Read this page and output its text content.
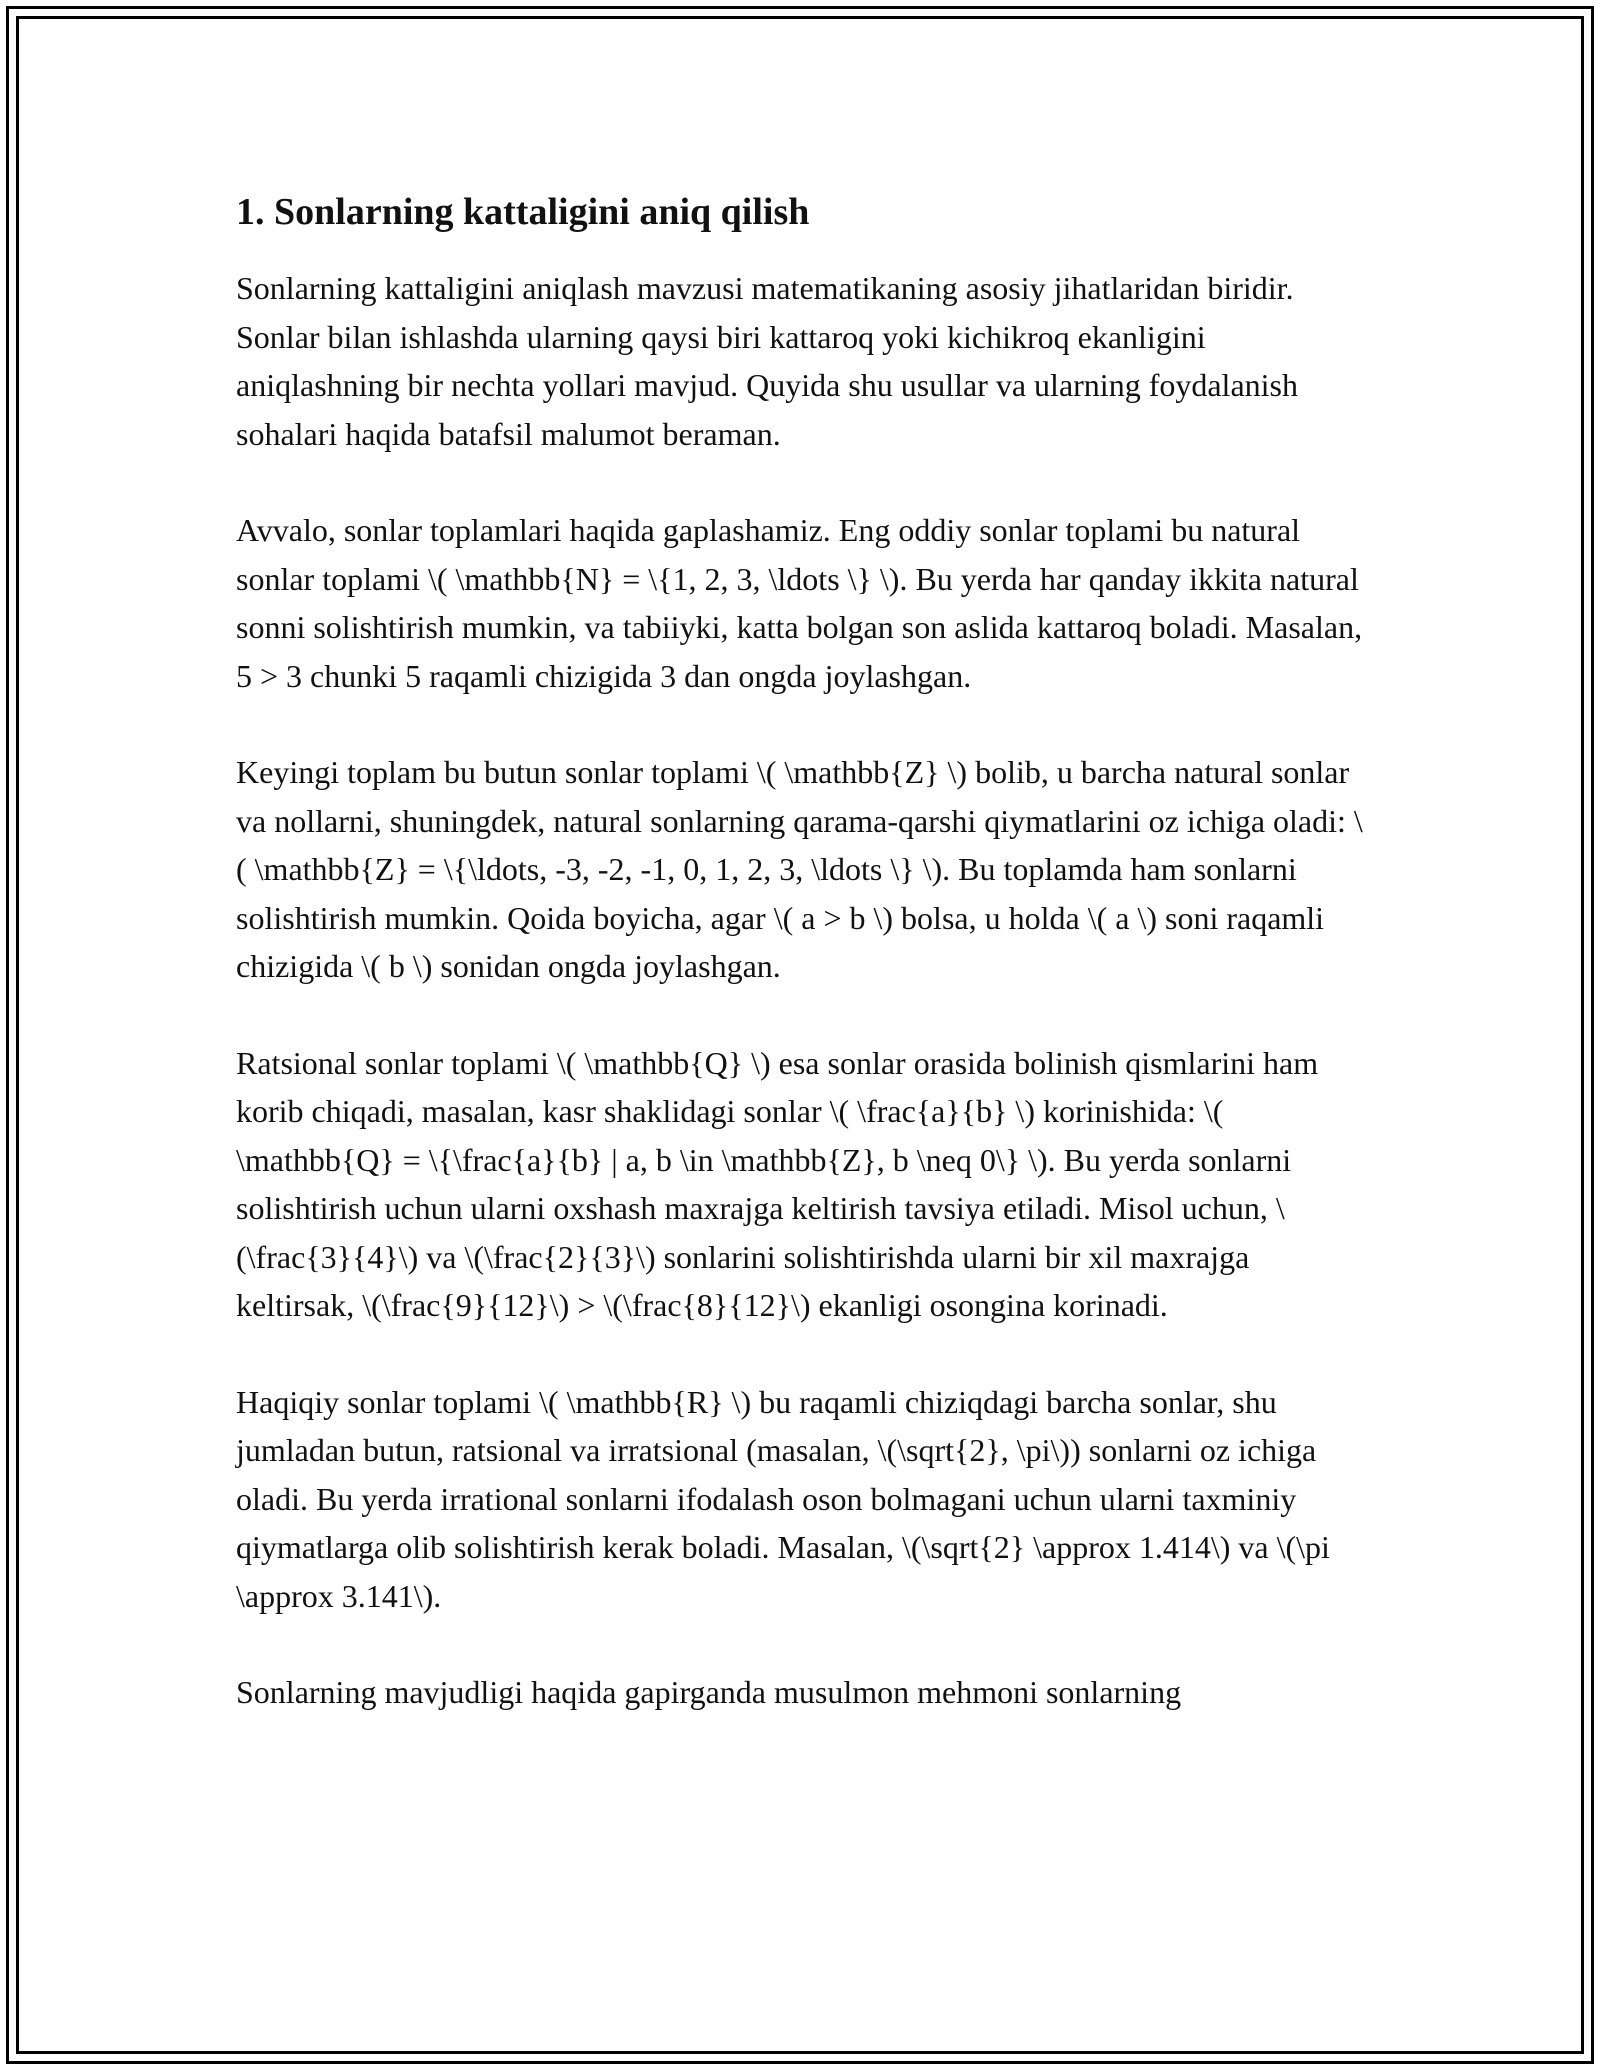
1. Sonlarning kattaligini aniq qilish

Sonlarning kattaligini aniqlash mavzusi matematikaning asosiy jihatlaridan biridir. Sonlar bilan ishlashda ularning qaysi biri kattaroq yoki kichikroq ekanligini aniqlashning bir nechta yollari mavjud. Quyida shu usullar va ularning foydalanish sohalari haqida batafsil malumot beraman.

Avvalo, sonlar toplamlari haqida gaplashamiz. Eng oddiy sonlar toplami bu natural sonlar toplami \( \mathbb{N} = \{1, 2, 3, \ldots \} \). Bu yerda har qanday ikkita natural sonni solishtirish mumkin, va tabiiyki, katta bolgan son aslida kattaroq boladi. Masalan, 5 > 3 chunki 5 raqamli chizigida 3 dan ongda joylashgan.

Keyingi toplam bu butun sonlar toplami \( \mathbb{Z} \) bolib, u barcha natural sonlar va nollarni, shuningdek, natural sonlarning qarama-qarshi qiymatlarini oz ichiga oladi: \( \mathbb{Z} = \{\ldots, -3, -2, -1, 0, 1, 2, 3, \ldots \} \). Bu toplamda ham sonlarni solishtirish mumkin. Qoida boyicha, agar \( a > b \) bolsa, u holda \( a \) soni raqamli chizigida \( b \) sonidan ongda joylashgan.

Ratsional sonlar toplami \( \mathbb{Q} \) esa sonlar orasida bolinish qismlarini ham korib chiqadi, masalan, kasr shaklidagi sonlar \( \frac{a}{b} \) korinishida: \( \mathbb{Q} = \{\frac{a}{b} | a, b \in \mathbb{Z}, b \neq 0\} \). Bu yerda sonlarni solishtirish uchun ularni oxshash maxrajga keltirish tavsiya etiladi. Misol uchun, \(\frac{3}{4}\) va \(\frac{2}{3}\) sonlarini solishtirishda ularni bir xil maxrajga keltirsak, \(\frac{9}{12}\) > \(\frac{8}{12}\) ekanligi osongina korinadi.

Haqiqiy sonlar toplami \( \mathbb{R} \) bu raqamli chiziqdagi barcha sonlar, shu jumladan butun, ratsional va irratsional (masalan, \(\sqrt{2}, \pi\)) sonlarni oz ichiga oladi. Bu yerda irrational sonlarni ifodalash oson bolmagani uchun ularni taxminiy qiymatlarga olib solishtirish kerak boladi. Masalan, \(\sqrt{2} \approx 1.414\) va \(\pi \approx 3.141\).

Sonlarning mavjudligi haqida gapirganda musulmon mehmoni sonlarning
